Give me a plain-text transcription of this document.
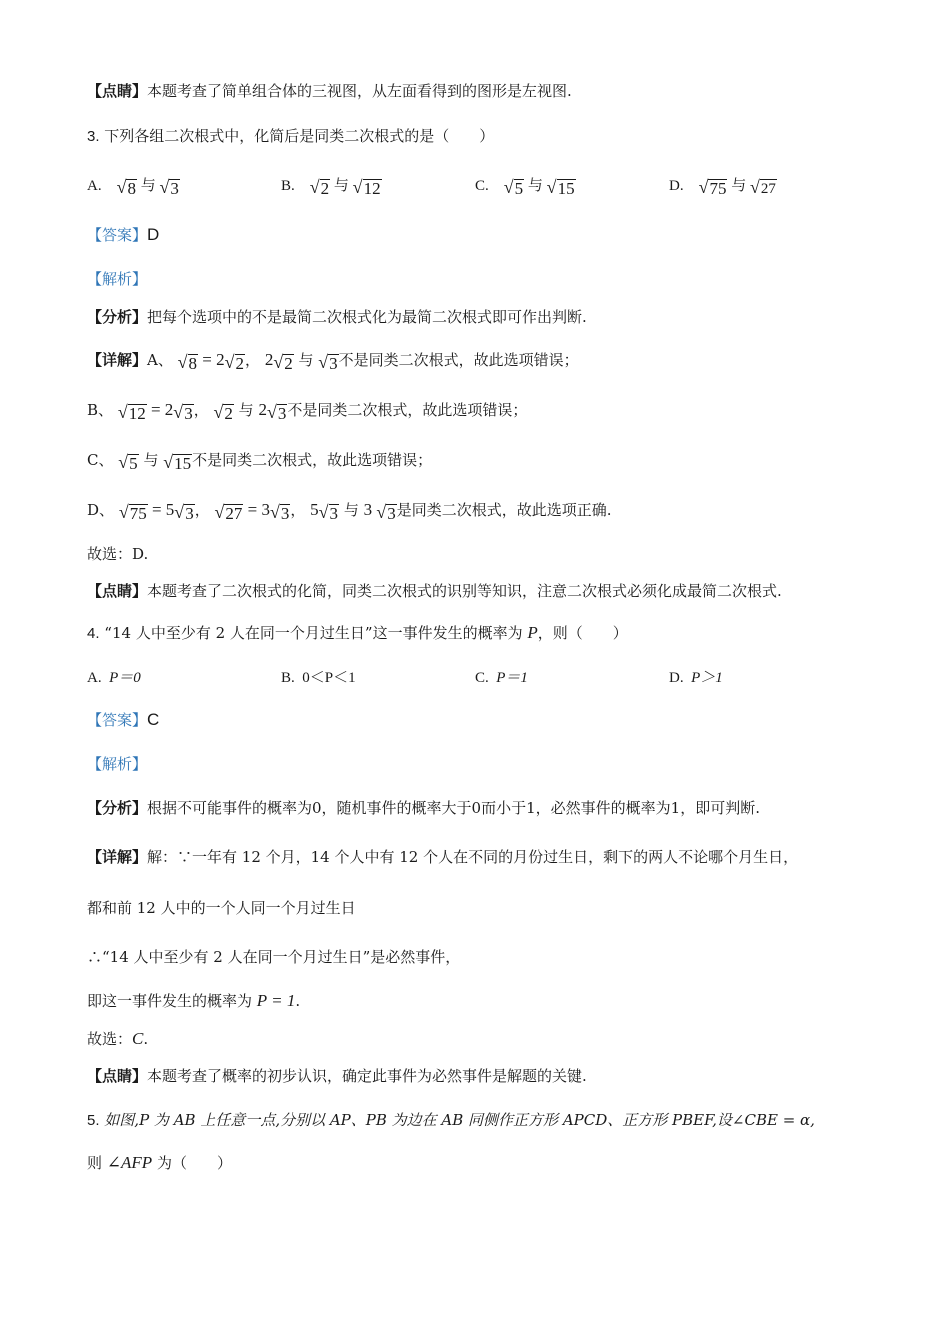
【点睛】本题考查了简单组合体的三视图，从左面看得到的图形是左视图.
3. 下列各组二次根式中，化简后是同类二次根式的是（　　）
A. √ 8 与 √ 3	B. √ 2 与 √ 12	C. √ 5 与 √ 15	D. √ 75 与 √ 27
【答案】D
【解析】
【分析】把每个选项中的不是最简二次根式化为最简二次根式即可作出判断.
【详解】A、 √ 8 = 2 √ 2 ， 2 √ 2 与 √ 3 不是同类二次根式，故此选项错误；
B、 √ 12 = 2 √ 3 ， √ 2 与 2 √ 3 不是同类二次根式，故此选项错误；
C、 √ 5 与 √ 15 不是同类二次根式，故此选项错误；
D、 √ 75 = 5 √ 3 ， √ 27 = 3 √ 3 ， 5 √ 3 与 3 √ 3 是同类二次根式，故此选项正确.
故选：D.
【点睛】本题考查了二次根式的化简，同类二次根式的识别等知识，注意二次根式必须化成最简二次根式.
4. “14 人中至少有 2 人在同一个月过生日”这一事件发生的概率为 P，则（　　）
A. P＝0	B. 0＜P＜1	C. P＝1	D. P＞1
【答案】C
【解析】
【分析】根据不可能事件的概率为0，随机事件的概率大于0而小于1，必然事件的概率为1，即可判断.
【详解】解：∵一年有 12 个月，14 个人中有 12 个人在不同的月份过生日，剩下的两人不论哪个月生日，
都和前 12 人中的一个人同一个月过生日
∴“14 人中至少有 2 人在同一个月过生日”是必然事件，
即这一事件发生的概率为 P = 1.
故选：C.
【点睛】本题考查了概率的初步认识，确定此事件为必然事件是解题的关键.
5. 如图,P 为 AB 上任意一点,分别以 AP、PB 为边在 AB 同侧作正方形 APCD、正方形 PBEF,设∠CBE = α,
则 ∠AFP 为（　　）
